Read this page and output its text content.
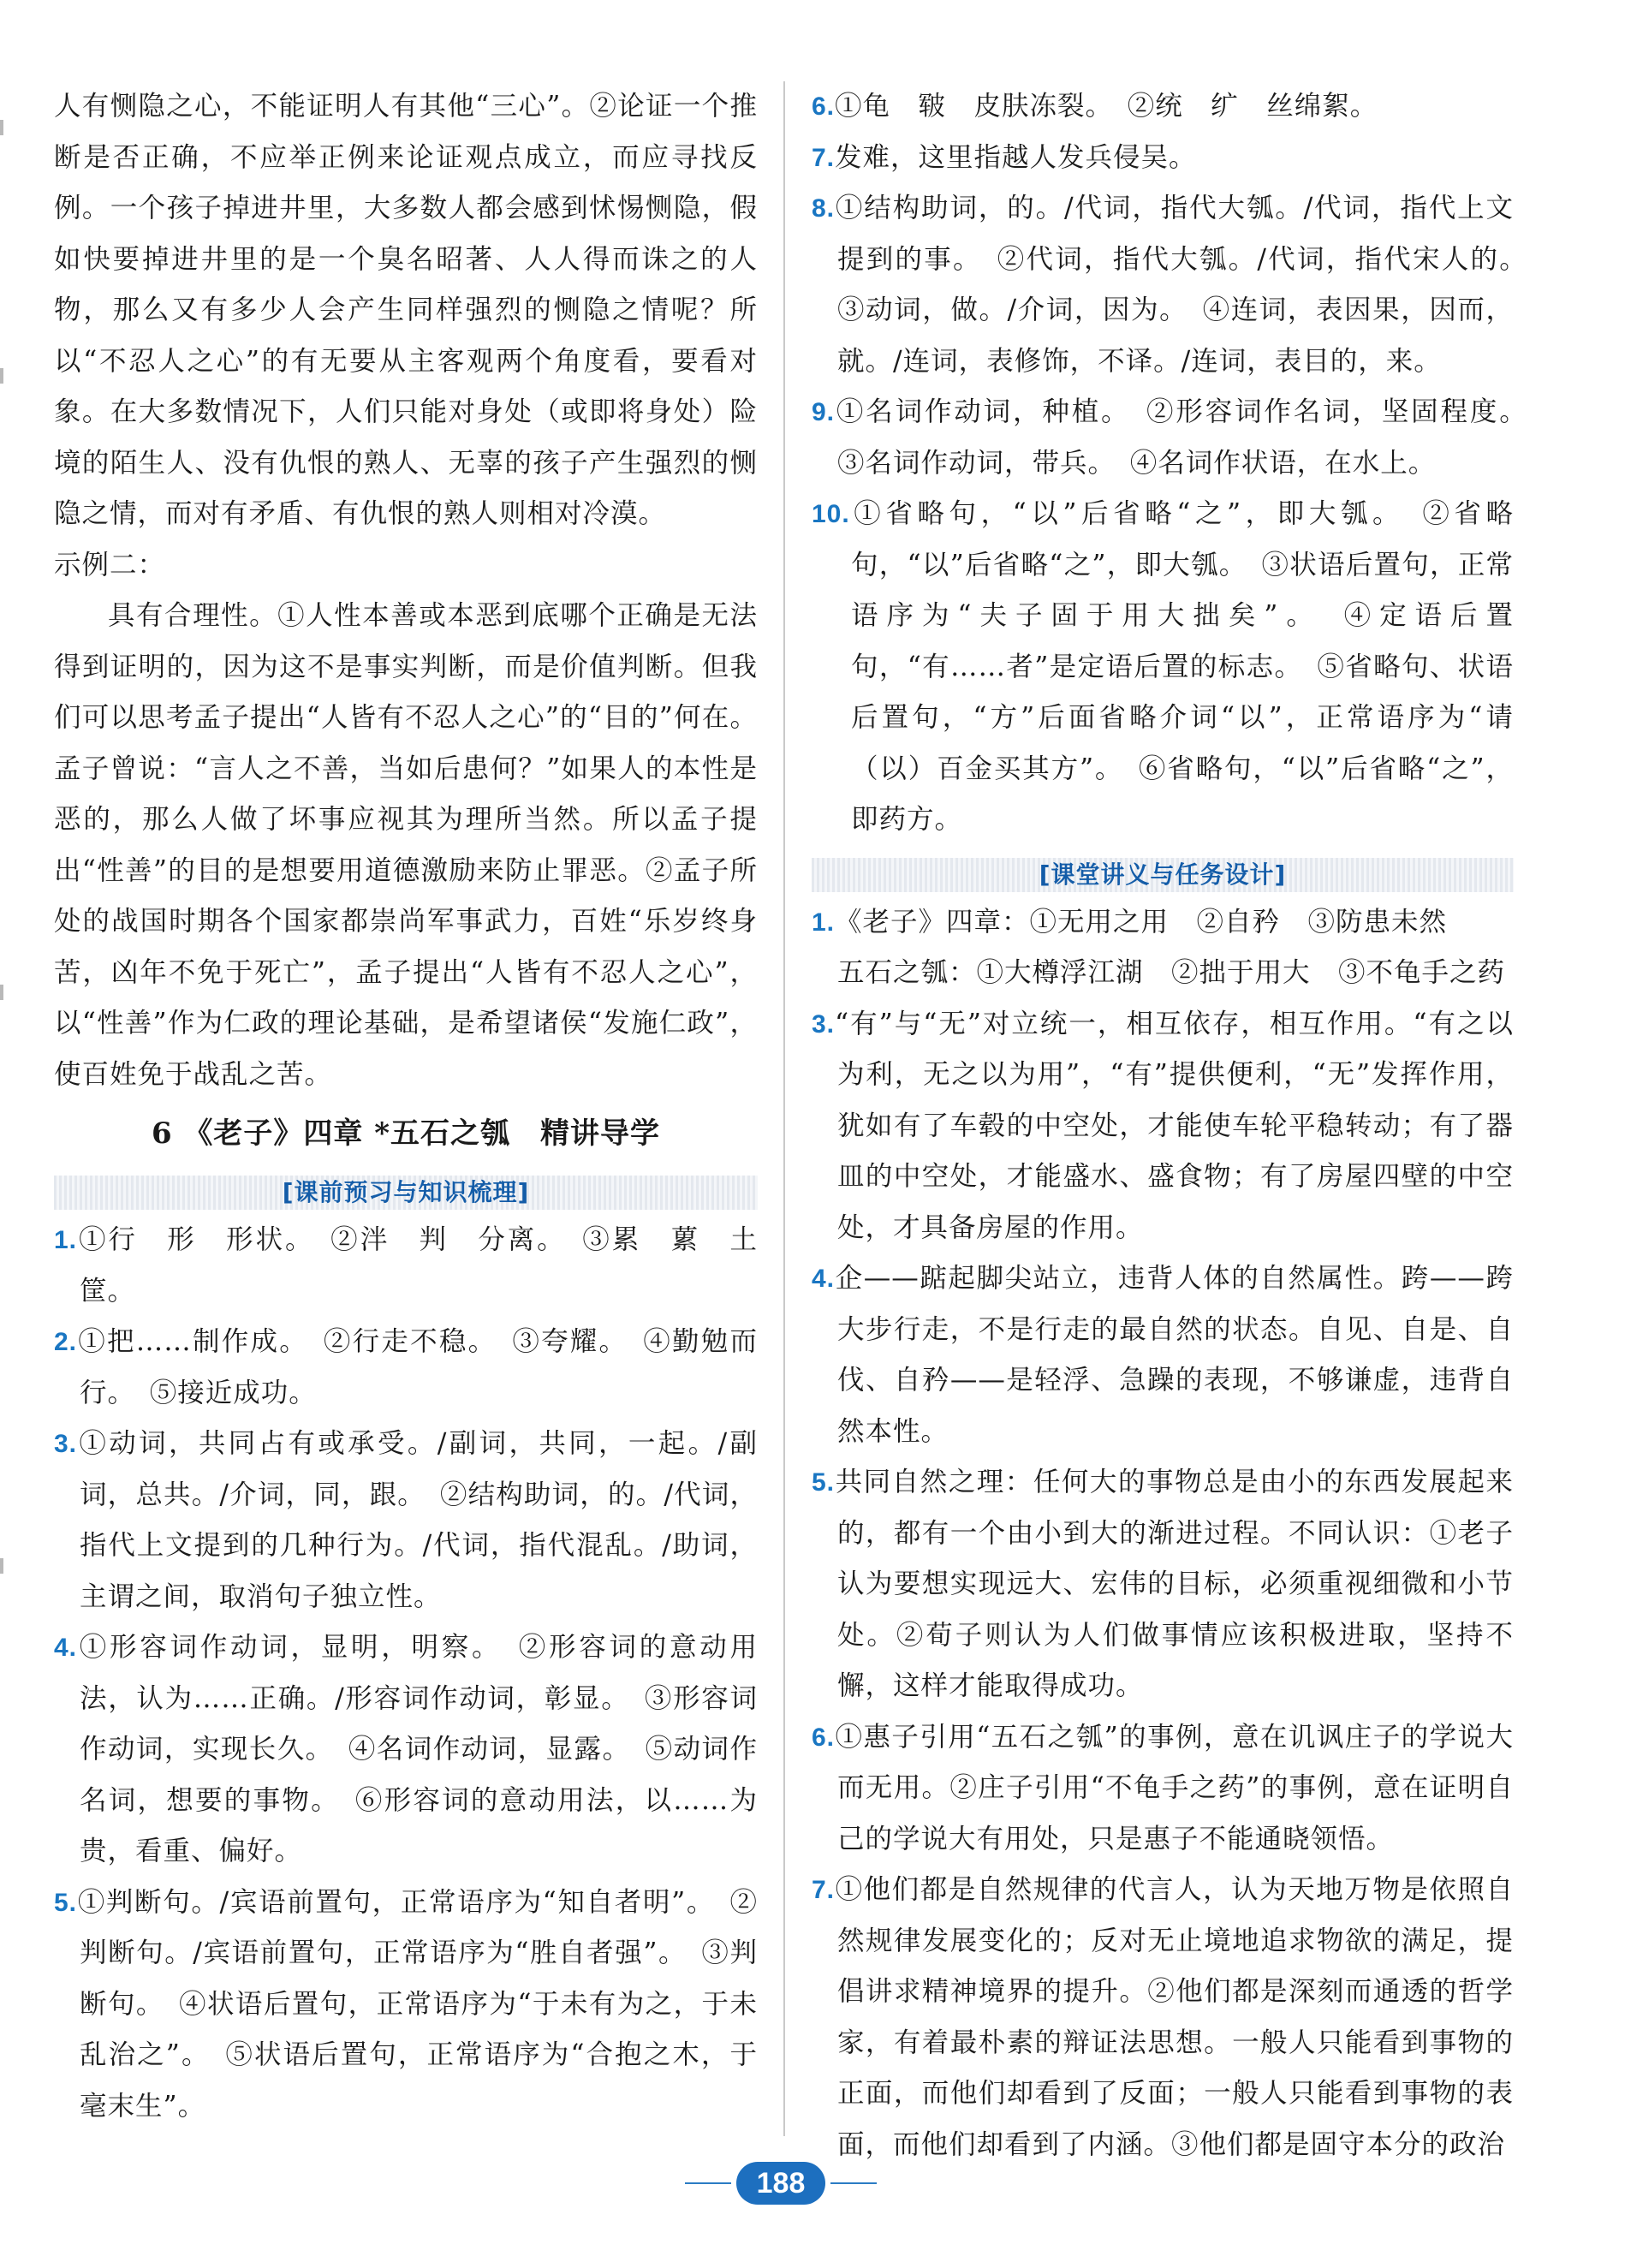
人有恻隐之心，不能证明人有其他“三心”。②论证一个推断是否正确，不应举正例来论证观点成立，而应寻找反例。一个孩子掉进井里，大多数人都会感到怵惕恻隐，假如快要掉进井里的是一个臭名昭著、人人得而诛之的人物，那么又有多少人会产生同样强烈的恻隐之情呢？所以“不忍人之心”的有无要从主客观两个角度看，要看对象。在大多数情况下，人们只能对身处（或即将身处）险境的陌生人、没有仇恨的熟人、无辜的孩子产生强烈的恻隐之情，而对有矛盾、有仇恨的熟人则相对冷漠。

示例二：

具有合理性。①人性本善或本恶到底哪个正确是无法得到证明的，因为这不是事实判断，而是价值判断。但我们可以思考孟子提出“人皆有不忍人之心”的“目的”何在。孟子曾说：“言人之不善，当如后患何？”如果人的本性是恶的，那么人做了坏事应视其为理所当然。所以孟子提出“性善”的目的是想要用道德激励来防止罪恶。②孟子所处的战国时期各个国家都崇尚军事武力，百姓“乐岁终身苦，凶年不免于死亡”，孟子提出“人皆有不忍人之心”，以“性善”作为仁政的理论基础，是希望诸侯“发施仁政”，使百姓免于战乱之苦。

6 《老子》四章 *五石之瓠　精讲导学
[课前预习与知识梳理]

1.①行　形　形状。　②泮　判　分离。　③累　蔂　土筐。

2.①把……制作成。　②行走不稳。　③夸耀。　④勤勉而行。　⑤接近成功。

3.①动词，共同占有或承受。/副词，共同，一起。/副词，总共。/介词，同，跟。　②结构助词，的。/代词，指代上文提到的几种行为。/代词，指代混乱。/助词，主谓之间，取消句子独立性。

4.①形容词作动词，显明，明察。　②形容词的意动用法，认为……正确。/形容词作动词，彰显。　③形容词作动词，实现长久。　④名词作动词，显露。　⑤动词作名词，想要的事物。　⑥形容词的意动用法，以……为贵，看重、偏好。

5.①判断句。/宾语前置句，正常语序为“知自者明”。　②判断句。/宾语前置句，正常语序为“胜自者强”。　③判断句。　④状语后置句，正常语序为“于未有为之，于未乱治之”。　⑤状语后置句，正常语序为“合抱之木，于毫末生”。

6.①龟　皲　皮肤冻裂。　②统　纩　丝绵絮。

7.发难，这里指越人发兵侵吴。

8.①结构助词，的。/代词，指代大瓠。/代词，指代上文提到的事。　②代词，指代大瓠。/代词，指代宋人的。　③动词，做。/介词，因为。　④连词，表因果，因而，就。/连词，表修饰，不译。/连词，表目的，来。

9.①名词作动词，种植。　②形容词作名词，坚固程度。　③名词作动词，带兵。　④名词作状语，在水上。

10.①省略句，“以”后省略“之”，即大瓠。　②省略句，“以”后省略“之”，即大瓠。　③状语后置句，正常语序为“夫子固于用大拙矣”。　④定语后置句，“有……者”是定语后置的标志。　⑤省略句、状语后置句，“方”后面省略介词“以”，正常语序为“请（以）百金买其方”。　⑥省略句，“以”后省略“之”，即药方。

[课堂讲义与任务设计]

1.《老子》四章：①无用之用　②自矜　③防患未然

五石之瓠：①大樽浮江湖　②拙于用大　③不龟手之药

3.“有”与“无”对立统一，相互依存，相互作用。“有之以为利，无之以为用”，“有”提供便利，“无”发挥作用，犹如有了车毂的中空处，才能使车轮平稳转动；有了器皿的中空处，才能盛水、盛食物；有了房屋四壁的中空处，才具备房屋的作用。

4.企——踮起脚尖站立，违背人体的自然属性。跨——跨大步行走，不是行走的最自然的状态。自见、自是、自伐、自矜——是轻浮、急躁的表现，不够谦虚，违背自然本性。

5.共同自然之理：任何大的事物总是由小的东西发展起来的，都有一个由小到大的渐进过程。不同认识：①老子认为要想实现远大、宏伟的目标，必须重视细微和小节处。②荀子则认为人们做事情应该积极进取，坚持不懈，这样才能取得成功。

6.①惠子引用“五石之瓠”的事例，意在讥讽庄子的学说大而无用。②庄子引用“不龟手之药”的事例，意在证明自己的学说大有用处，只是惠子不能通晓领悟。

7.①他们都是自然规律的代言人，认为天地万物是依照自然规律发展变化的；反对无止境地追求物欲的满足，提倡讲求精神境界的提升。②他们都是深刻而通透的哲学家，有着最朴素的辩证法思想。一般人只能看到事物的正面，而他们却看到了反面；一般人只能看到事物的表面，而他们却看到了内涵。③他们都是固守本分的政治

188
